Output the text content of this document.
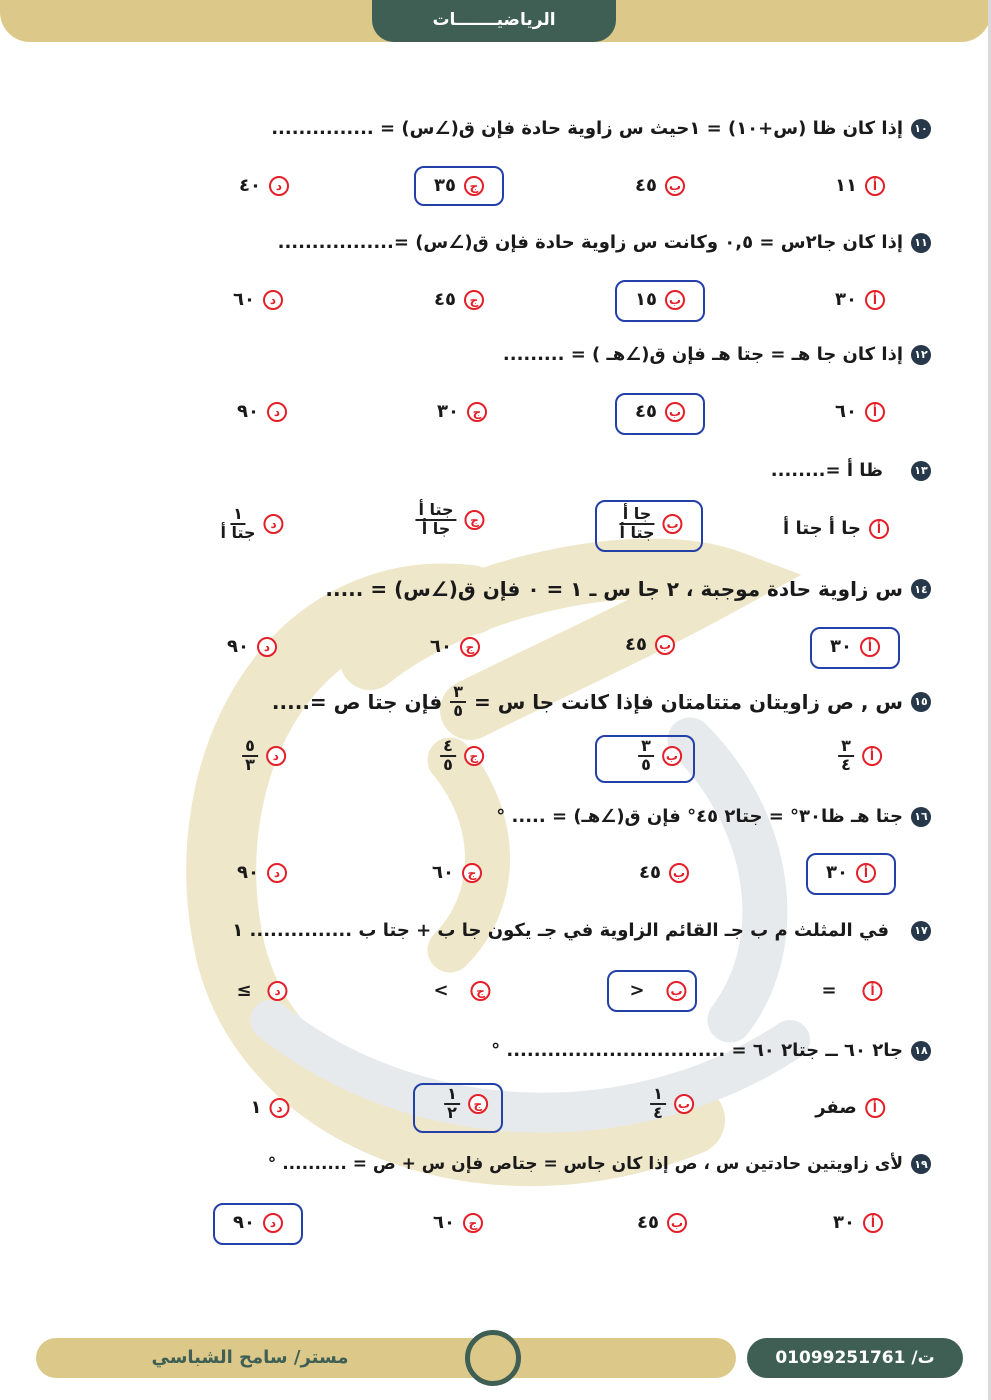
الرياضيـــــــات
١٠
إذا كان ظا (س+١٠) = ١حيث س زاوية حادة فإن ق(∠س) = ...............
أ
١١
ب
٤٥
ج
٣٥
د
٤٠
١١
إذا كان جا٢س = ٠,٥ وكانت س زاوية حادة فإن ق(∠س) =.................
أ
٣٠
ب
١٥
ج
٤٥
د
٦٠
١٢
إذا كان جا هـ = جتا هـ فإن ق(∠هـ ) = .........
أ
٦٠
ب
٤٥
ج
٣٠
د
٩٠
١٣
ظا أ =........
أ
جا أ جتا أ
ب
$\frac{\text{جا أ}}{\text{جتا أ}}$
ج
$\frac{\text{جتا أ}}{\text{جا أ}}$
د
$\frac{١}{\text{جتا أ}}$
١٤
س زاوية حادة موجبة ، ٢ جا س ـ ١ = ٠ فإن ق(∠س) = .....
أ
٣٠
ب
٤٥
ج
٦٠
د
٩٠
١٥
س , ص زاويتان متتامتان فإذا كانت جا س =
$\frac{٣}{٥}$
فإن جتا ص =.....
أ
$\frac{٣}{٤}$
ب
$\frac{٣}{٥}$
ج
$\frac{٤}{٥}$
د
$\frac{٥}{٣}$
١٦
جتا هـ ظا٣٠° = جتا٢ ٤٥° فإن ق(∠هـ) = ..... °
أ
٣٠
ب
٤٥
ج
٦٠
د
٩٠
١٧
في المثلث م ب جـ القائم الزاوية في جـ يكون جا ب + جتا ب ............... ١
أ
=
ب
<
ج
>
د
≥
١٨
جا٢ ٦٠ ــ جتا٢ ٦٠ = ................................ °
أ
صفر
ب
$\frac{١}{٤}$
ج
$\frac{١}{٢}$
د
١
١٩
لأى زاويتين حادتين س ، ص إذا كان جاس = جتاص فإن س + ص = .......... °
أ
٣٠
ب
٤٥
ج
٦٠
د
٩٠
مستر/ سامح الشباسي	ت/ 01099251761
